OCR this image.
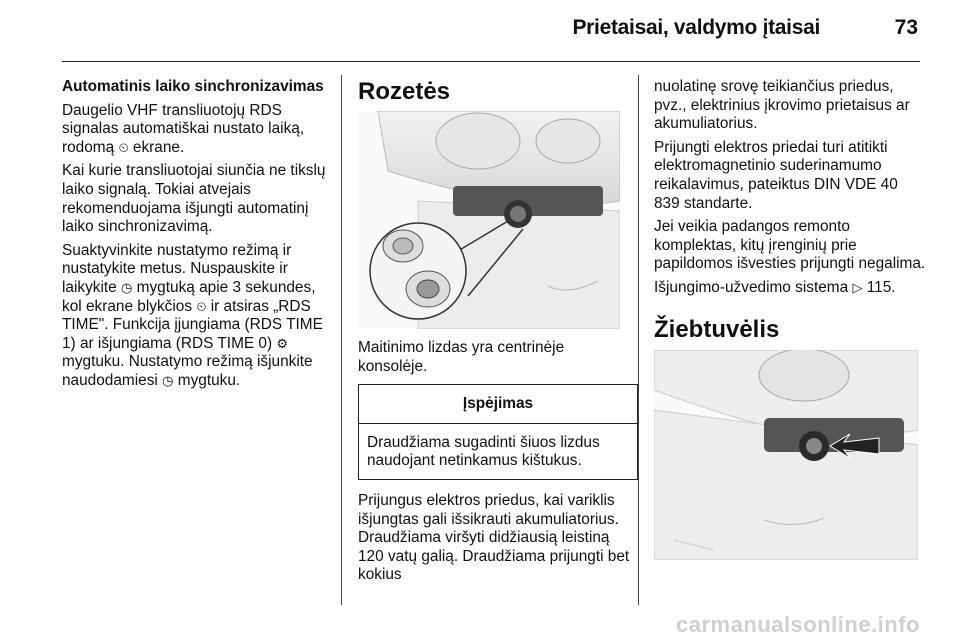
Prietaisai, valdymo įtaisai	73

Automatinis laiko sinchronizavimas

Daugelio VHF transliuotojų RDS signalas automatiškai nustato laiką, rodomą ⏲ ekrane.

Kai kurie transliuotojai siunčia ne tikslų laiko signalą. Tokiai atvejais rekomenduojama išjungti automatinį laiko sinchronizavimą.

Suaktyvinkite nustatymo režimą ir nustatykite metus. Nuspauskite ir laikykite ◷ mygtuką apie 3 sekundes, kol ekrane blykčios ⏲ ir atsiras „RDS TIME". Funkcija įjungiama (RDS TIME 1) ar išjungiama (RDS TIME 0) ⚙ mygtuku. Nustatymo režimą išjunkite naudodamiesi ◷ mygtuku.

Rozetės

Maitinimo lizdas yra centrinėje konsolėje.

Įspėjimas
Draudžiama sugadinti šiuos lizdus naudojant netinkamus kištukus.

Prijungus elektros priedus, kai variklis išjungtas gali išsikrauti akumuliatorius. Draudžiama viršyti didžiausią leistiną 120 vatų galią. Draudžiama prijungti bet kokius

nuolatinę srovę teikiančius priedus, pvz., elektrinius įkrovimo prietaisus ar akumuliatorius.

Prijungti elektros priedai turi atitikti elektromagnetinio suderinamumo reikalavimus, pateiktus DIN VDE 40 839 standarte.

Jei veikia padangos remonto komplektas, kitų įrenginių prie papildomos išvesties prijungti negalima.

Išjungimo-užvedimo sistema ▷ 115.

Žiebtuvėlis

carmanualsonline.info
